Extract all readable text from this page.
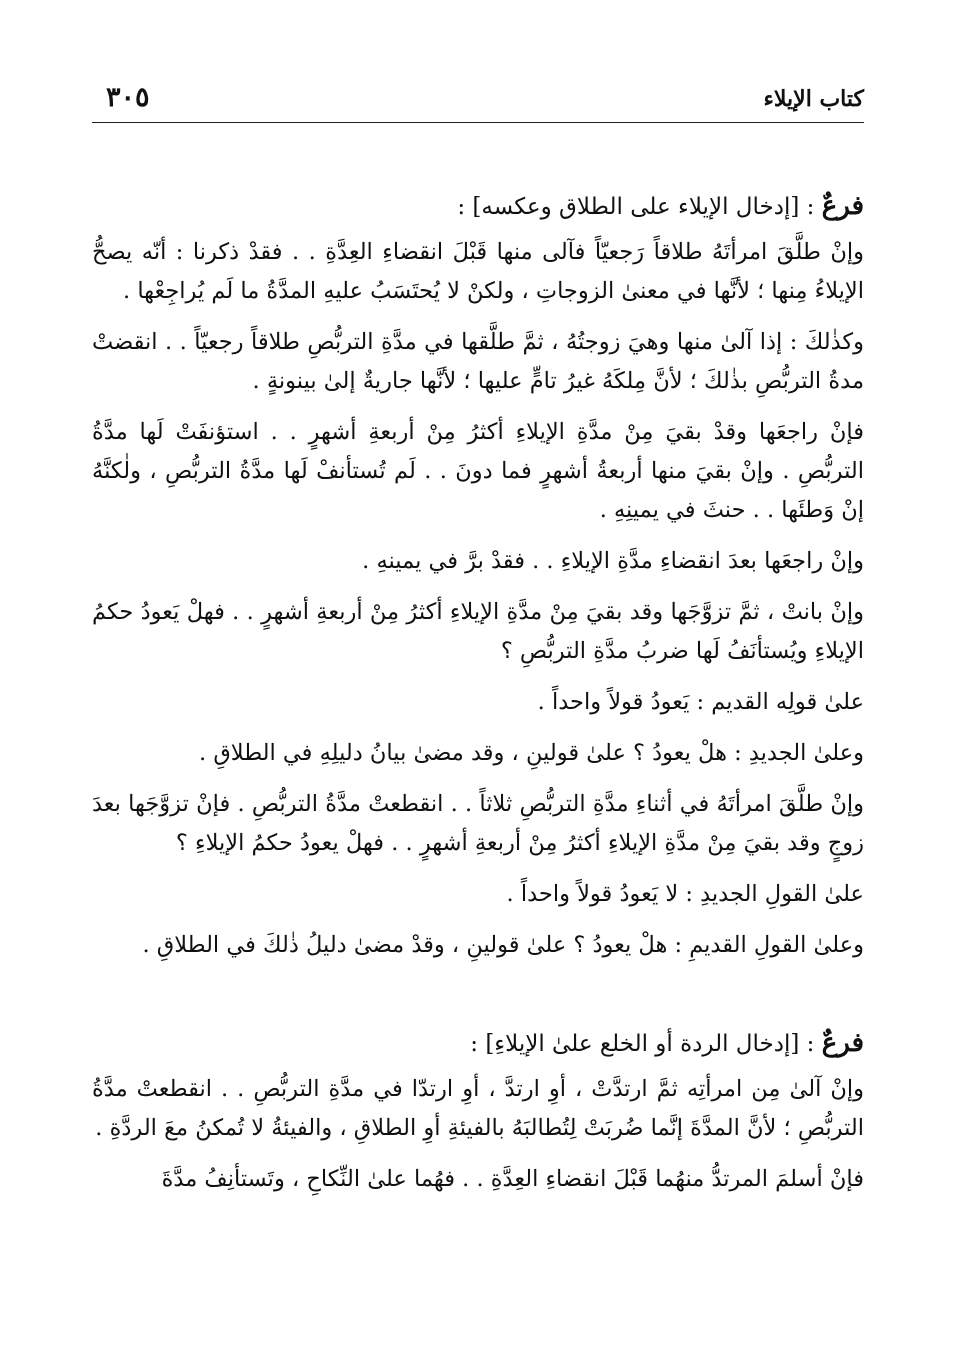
كتاب الإيلاء
٣٠٥

فرعٌ : [إدخال الإيلاء على الطلاق وعكسه] :

وإنْ طلَّقَ امرأتَهُ طلاقاً رَجعيّاً فآلى منها قَبْلَ انقضاءِ العِدَّةِ . . فقدْ ذكرنا : أنّه يصحُّ الإيلاءُ مِنها ؛ لأنَّها في معنىٰ الزوجاتِ ، ولكنْ لا يُحتَسَبُ عليهِ المدَّةُ ما لَم يُراجِعْها .

وكذٰلكَ : إذا آلىٰ منها وهيَ زوجتُهُ ، ثمَّ طلَّقها في مدَّةِ التربُّصِ طلاقاً رجعيّاً . . انقضتْ مدةُ التربُّصِ بذٰلكَ ؛ لأنَّ مِلكَهُ غيرُ تامٍّ عليها ؛ لأنَّها جاريةٌ إلىٰ بينونةٍ .

فإنْ راجعَها وقدْ بقيَ مِنْ مدَّةِ الإيلاءِ أكثرُ مِنْ أربعةِ أشهرٍ . . استؤنفَتْ لَها مدَّةُ التربُّصِ . وإنْ بقيَ منها أربعةُ أشهرٍ فما دونَ . . لَم تُستأنفْ لَها مدَّةُ التربُّصِ ، ولٰكنَّهُ إنْ وَطئَها . . حنثَ في يمينِهِ .

وإنْ راجعَها بعدَ انقضاءِ مدَّةِ الإيلاءِ . . فقدْ برَّ في يمينهِ .

وإنْ بانتْ ، ثمَّ تزوَّجَها وقد بقيَ مِنْ مدَّةِ الإيلاءِ أكثرُ مِنْ أربعةِ أشهرٍ . . فهلْ يَعودُ حكمُ الإيلاءِ ويُستأنَفُ لَها ضربُ مدَّةِ التربُّصِ ؟

علىٰ قولِه القديم : يَعودُ قولاً واحداً .

وعلىٰ الجديدِ : هلْ يعودُ ؟ علىٰ قولينِ ، وقد مضىٰ بيانُ دليلِهِ في الطلاقِ .

وإنْ طلَّقَ امرأتَهُ في أثناءِ مدَّةِ التربُّصِ ثلاثاً . . انقطعتْ مدَّةُ التربُّصِ . فإنْ تزوَّجَها بعدَ زوجٍ وقد بقيَ مِنْ مدَّةِ الإيلاءِ أكثرُ مِنْ أربعةِ أشهرٍ . . فهلْ يعودُ حكمُ الإيلاءِ ؟

علىٰ القولِ الجديدِ : لا يَعودُ قولاً واحداً .

وعلىٰ القولِ القديمِ : هلْ يعودُ ؟ علىٰ قولينِ ، وقدْ مضىٰ دليلُ ذٰلكَ في الطلاقِ .

فرعٌ : [إدخال الردة أو الخلع علىٰ الإيلاءِ] :

وإنْ آلىٰ مِن امرأتِه ثمَّ ارتدَّتْ ، أوِ ارتدَّ ، أوِ ارتدّا في مدَّةِ التربُّصِ . . انقطعتْ مدَّةُ التربُّصِ ؛ لأنَّ المدَّةَ إنَّما ضُربَتْ لِتُطالبَهُ بالفيئةِ أوِ الطلاقِ ، والفيئةُ لا تُمكنُ معَ الردَّةِ .

فإنْ أسلمَ المرتدُّ منهُما قَبْلَ انقضاءِ العِدَّةِ . . فهُما علىٰ النِّكاحِ ، وتَستأنِفُ مدَّةَ
